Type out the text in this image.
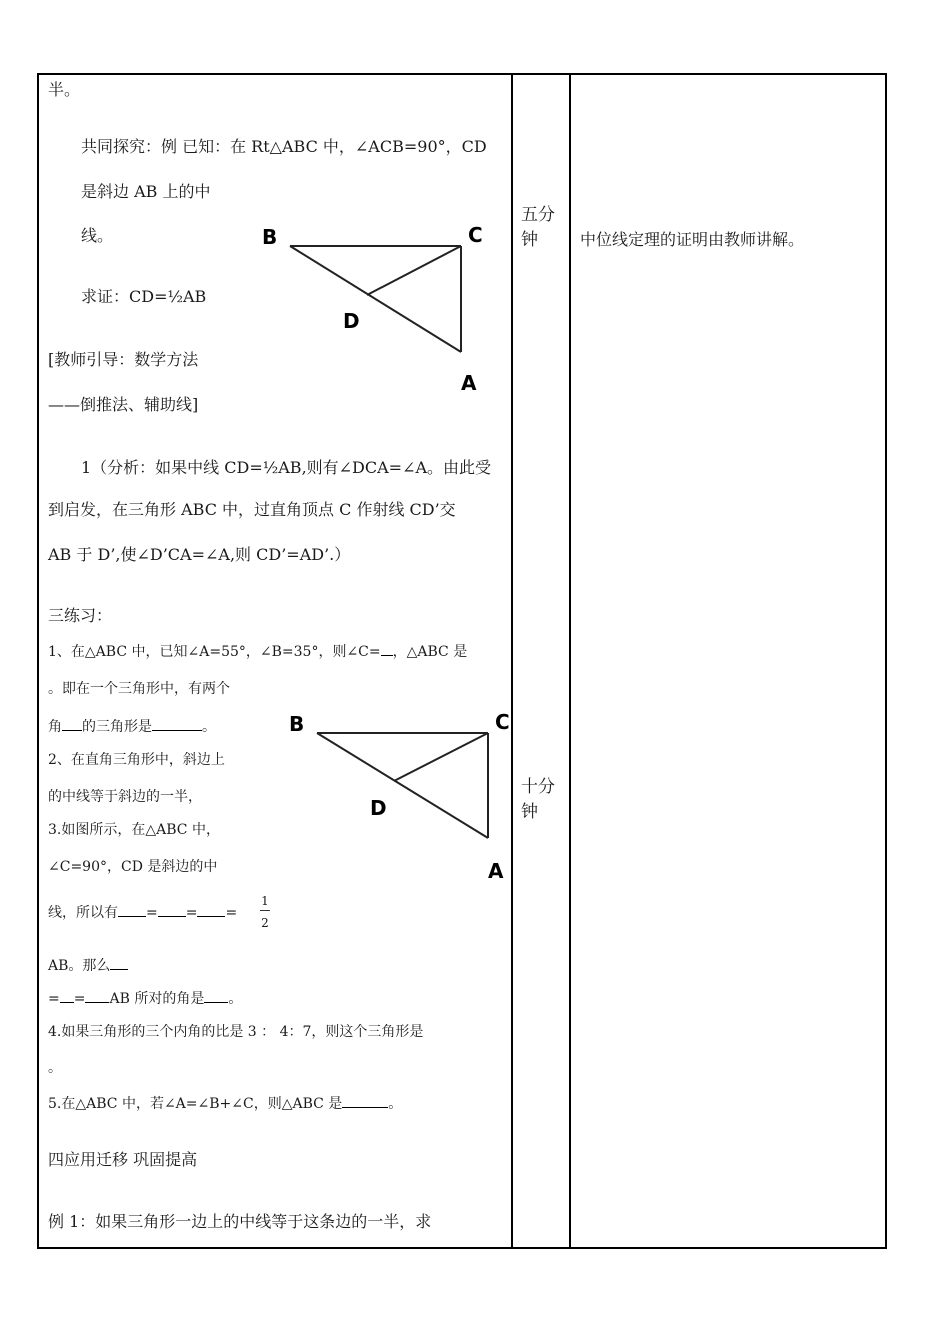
半。
共同探究：例 已知：在 Rt△ABC 中，∠ACB=90°，CD
是斜边 AB 上的中
线。
求证：CD=½AB
[教师引导：数学方法
——倒推法、辅助线]
1（分析：如果中线 CD=½AB,则有∠DCA=∠A。由此受
到启发，在三角形 ABC 中，过直角顶点 C 作射线 CD’交
AB 于 D’,使∠D’CA=∠A,则 CD’=AD’.）
三练习：
1、在△ABC 中，已知∠A=55°，∠B=35°，则∠C= ，△ABC 是
。即在一个三角形中，有两个
角 的三角形是	。
2、在直角三角形中，斜边上
的中线等于斜边的一半，
3.如图所示，在△ABC 中，
∠C=90°，CD 是斜边的中
线，所以有 = = =
1
2
AB。那么
= = AB 所对的角是 。
4.如果三角形的三个内角的比是 3 ： 4：7，则这个三角形是
。
5.在△ABC 中，若∠A=∠B+∠C，则△ABC 是	。
四应用迁移 巩固提高
例 1：如果三角形一边上的中线等于这条边的一半，求
B	C
D
A
B	C
D
A
五分
钟
十分
钟
中位线定理的证明由教师讲解。
